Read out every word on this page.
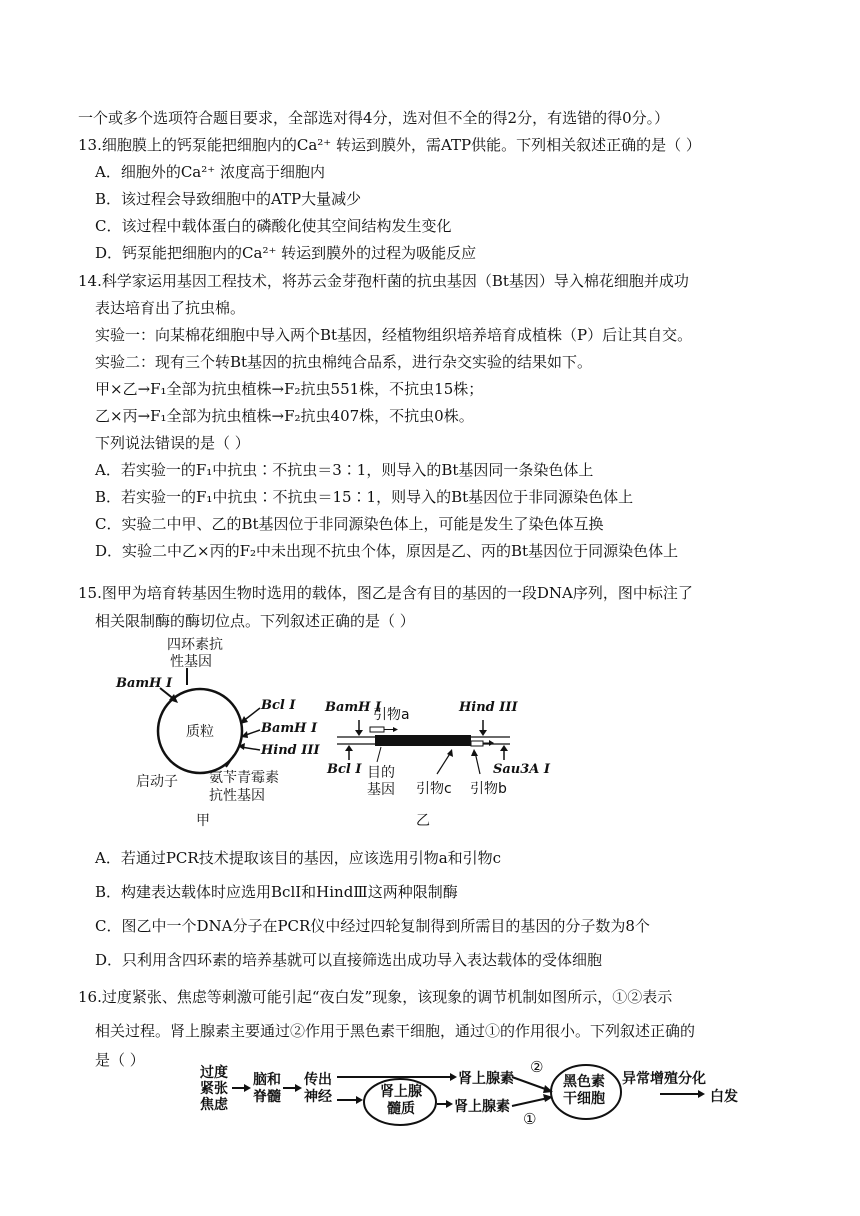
一个或多个选项符合题目要求，全部选对得4分，选对但不全的得2分，有选错的得0分。）
13.细胞膜上的钙泵能把细胞内的Ca²⁺ 转运到膜外，需ATP供能。下列相关叙述正确的是（ ）
A．细胞外的Ca²⁺ 浓度高于细胞内
B．该过程会导致细胞中的ATP大量减少
C．该过程中载体蛋白的磷酸化使其空间结构发生变化
D．钙泵能把细胞内的Ca²⁺ 转运到膜外的过程为吸能反应
14.科学家运用基因工程技术，将苏云金芽孢杆菌的抗虫基因（Bt基因）导入棉花细胞并成功
表达培育出了抗虫棉。
实验一：向某棉花细胞中导入两个Bt基因，经植物组织培养培育成植株（P）后让其自交。
实验二：现有三个转Bt基因的抗虫棉纯合品系，进行杂交实验的结果如下。
甲×乙→F₁全部为抗虫植株→F₂抗虫551株，不抗虫15株；
乙×丙→F₁全部为抗虫植株→F₂抗虫407株，不抗虫0株。
下列说法错误的是（ ）
A．若实验一的F₁中抗虫∶不抗虫＝3∶1，则导入的Bt基因同一条染色体上
B．若实验一的F₁中抗虫∶不抗虫＝15∶1，则导入的Bt基因位于非同源染色体上
C．实验二中甲、乙的Bt基因位于非同源染色体上，可能是发生了染色体互换
D．实验二中乙×丙的F₂中未出现不抗虫个体，原因是乙、丙的Bt基因位于同源染色体上
15.图甲为培育转基因生物时选用的载体，图乙是含有目的基因的一段DNA序列，图中标注了
相关限制酶的酶切位点。下列叙述正确的是（ ）
四环素抗
性基因
BamH I
质粒
Bcl I
BamH I
Hind III
启动子 氨苄青霉素
抗性基因
甲
BamH I
引物a	Hind III
Bcl I 目的
基因 引物c 引物b
Sau3A I
乙
A．若通过PCR技术提取该目的基因，应该选用引物a和引物c
B．构建表达载体时应选用BclⅠ和HindⅢ这两种限制酶
C．图乙中一个DNA分子在PCR仪中经过四轮复制得到所需目的基因的分子数为8个
D．只利用含四环素的培养基就可以直接筛选出成功导入表达载体的受体细胞
16.过度紧张、焦虑等刺激可能引起“夜白发”现象，该现象的调节机制如图所示，①②表示
相关过程。肾上腺素主要通过②作用于黑色素干细胞，通过①的作用很小。下列叙述正确的
是（ ）
过度
紧张
焦虑
脑和
脊髓
传出
神经	肾上腺
髓质
肾上腺素
肾上腺素
②
①
黑色素
干细胞
异常增殖分化
白发
